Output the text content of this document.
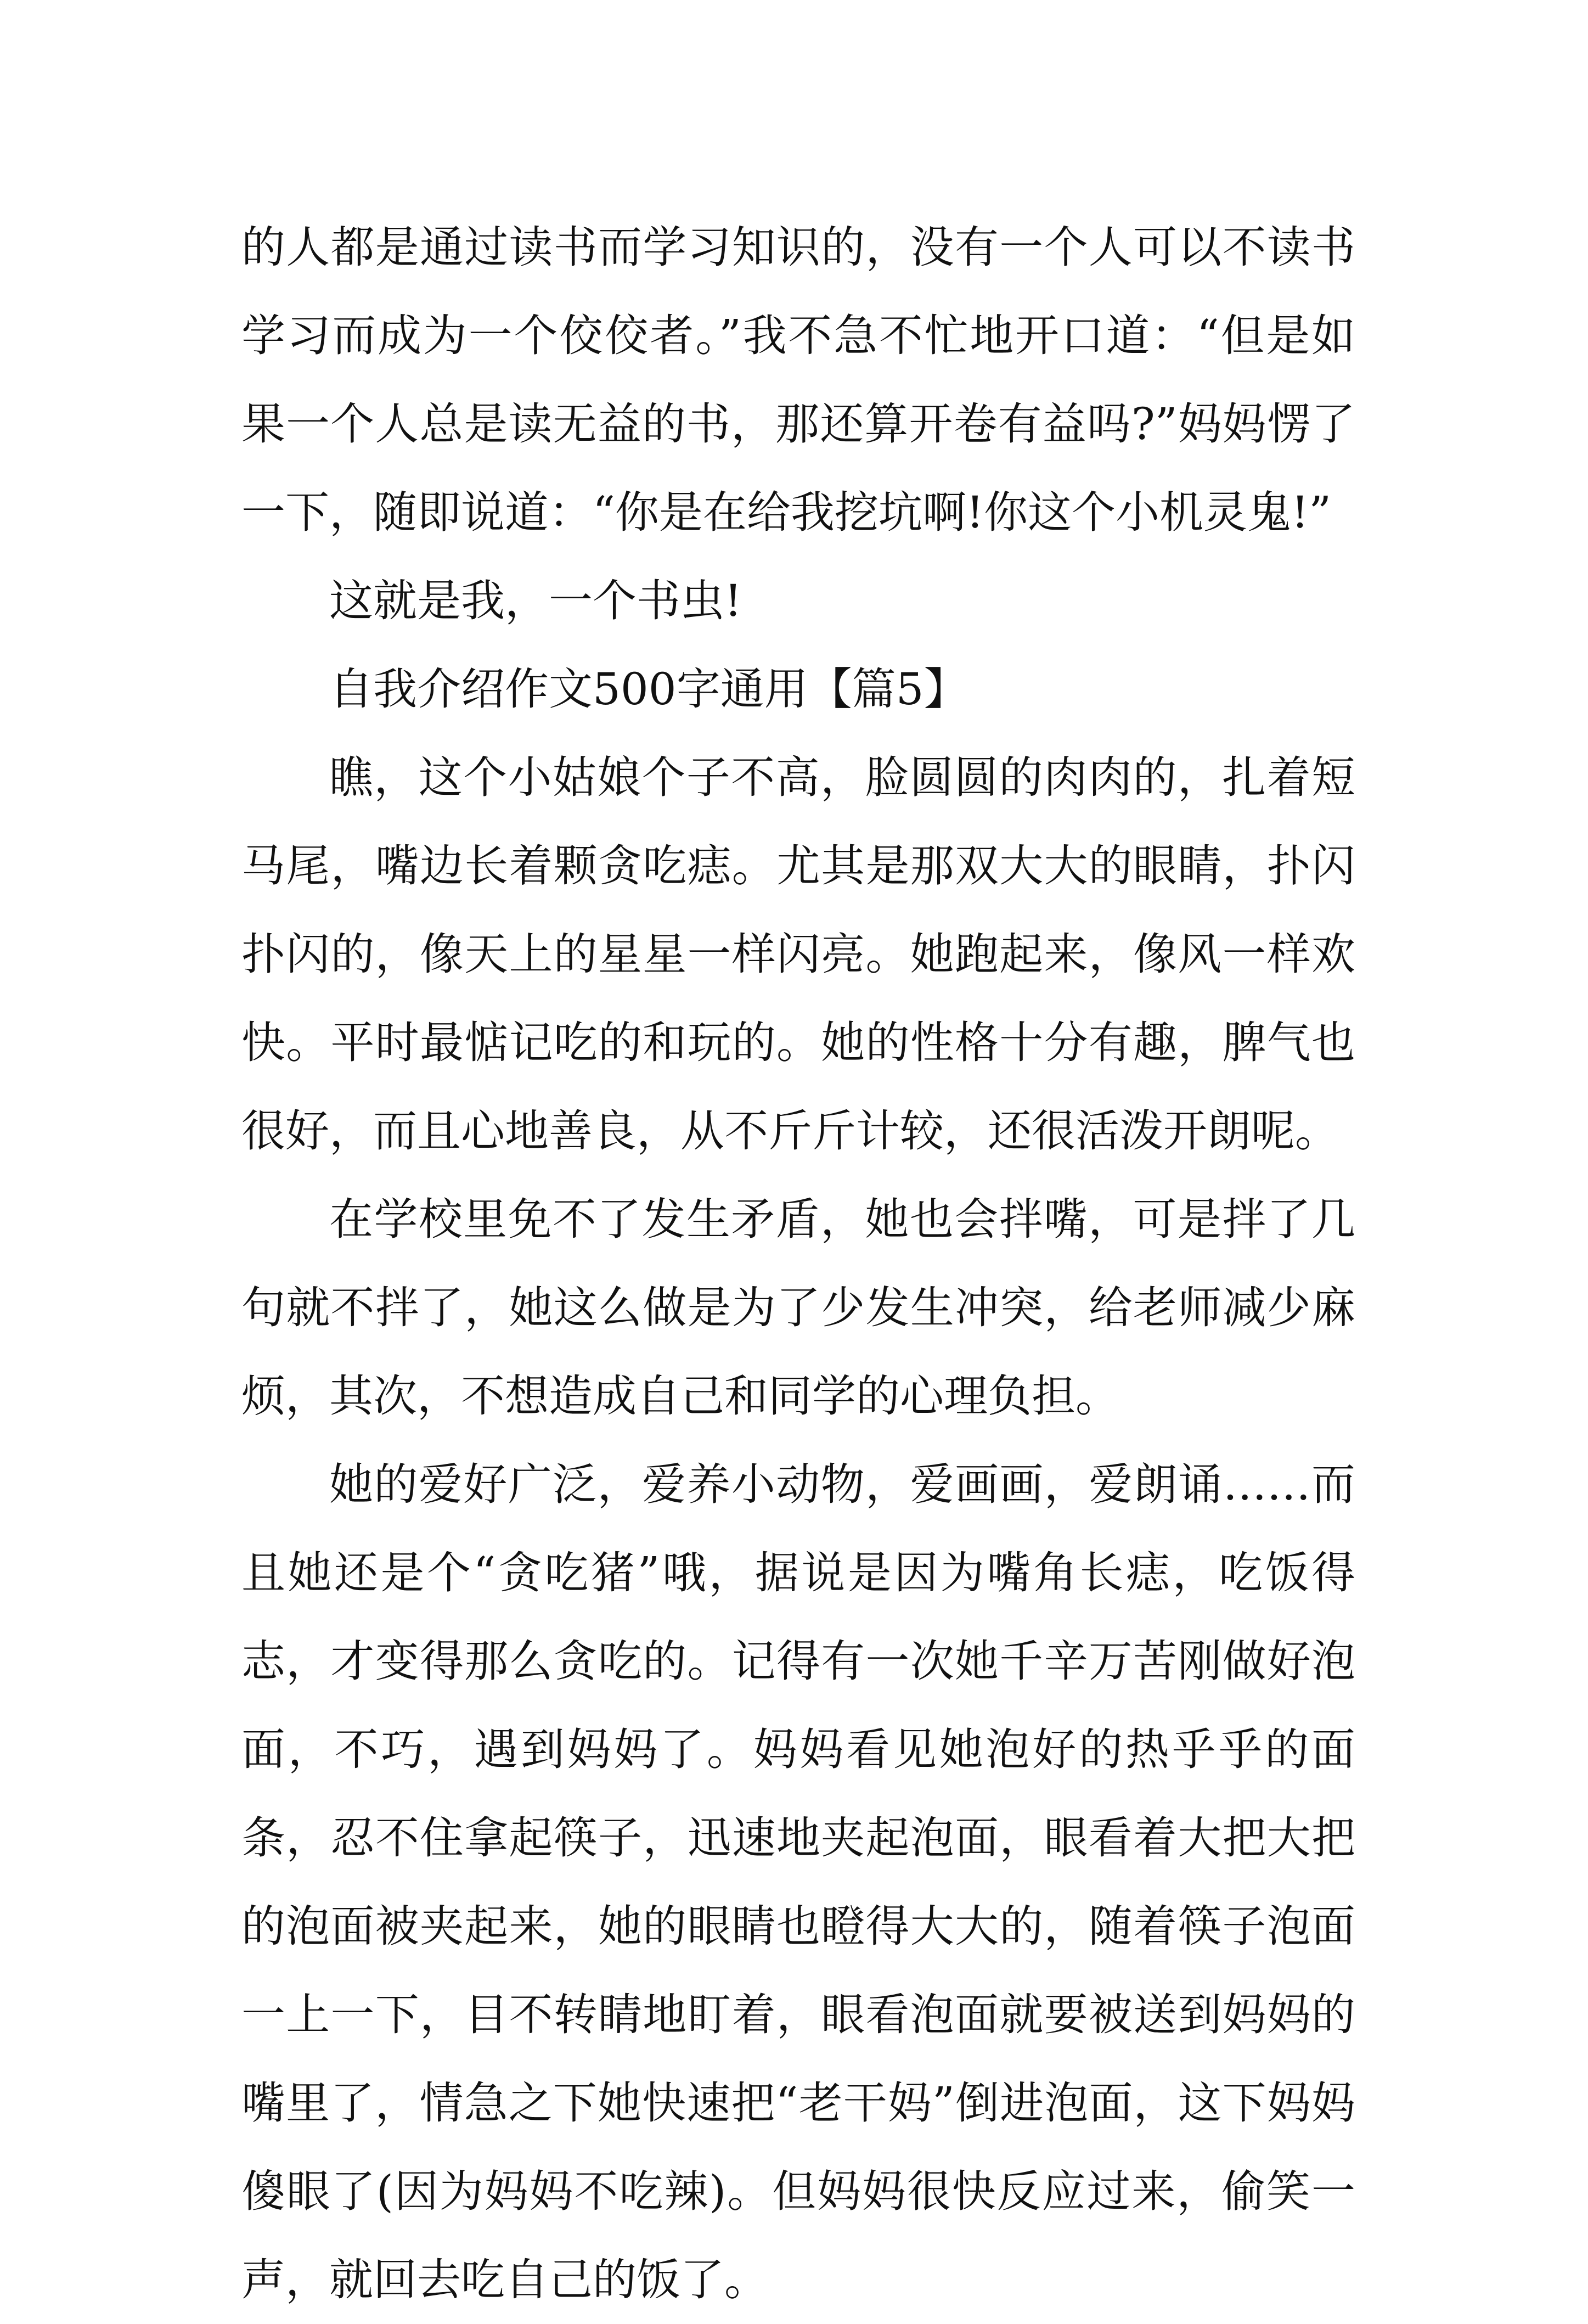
的人都是通过读书而学习知识的，没有一个人可以不读书学习而成为一个佼佼者。”我不急不忙地开口道：“但是如果一个人总是读无益的书，那还算开卷有益吗?”妈妈愣了一下，随即说道：“你是在给我挖坑啊!你这个小机灵鬼!”

这就是我，一个书虫!

自我介绍作文500字通用【篇5】

瞧，这个小姑娘个子不高，脸圆圆的肉肉的，扎着短马尾，嘴边长着颗贪吃痣。尤其是那双大大的眼睛，扑闪扑闪的，像天上的星星一样闪亮。她跑起来，像风一样欢快。平时最惦记吃的和玩的。她的性格十分有趣，脾气也很好，而且心地善良，从不斤斤计较，还很活泼开朗呢。

在学校里免不了发生矛盾，她也会拌嘴，可是拌了几句就不拌了，她这么做是为了少发生冲突，给老师减少麻烦，其次，不想造成自己和同学的心理负担。

她的爱好广泛，爱养小动物，爱画画，爱朗诵……而且她还是个“贪吃猪”哦，据说是因为嘴角长痣，吃饭得志，才变得那么贪吃的。记得有一次她千辛万苦刚做好泡面，不巧，遇到妈妈了。妈妈看见她泡好的热乎乎的面条，忍不住拿起筷子，迅速地夹起泡面，眼看着大把大把的泡面被夹起来，她的眼睛也瞪得大大的，随着筷子泡面一上一下，目不转睛地盯着，眼看泡面就要被送到妈妈的嘴里了，情急之下她快速把“老干妈”倒进泡面，这下妈妈傻眼了(因为妈妈不吃辣)。但妈妈很快反应过来，偷笑一声，就回去吃自己的饭了。
